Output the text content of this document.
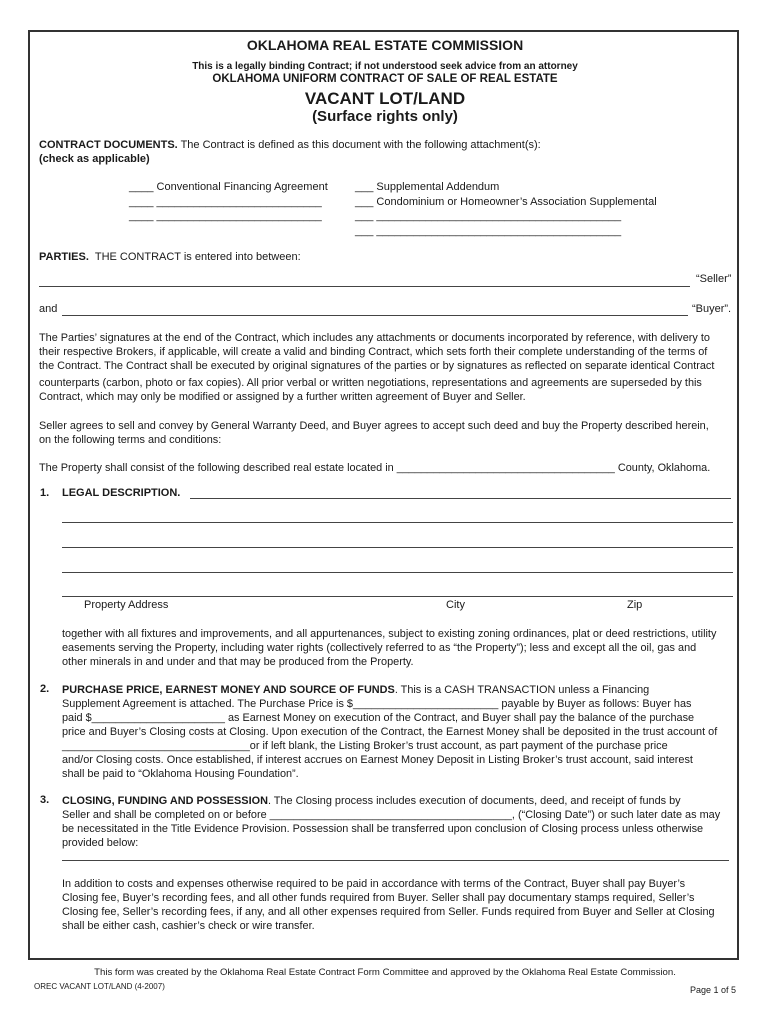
OKLAHOMA REAL ESTATE COMMISSION
This is a legally binding Contract; if not understood seek advice from an attorney
OKLAHOMA UNIFORM CONTRACT OF SALE OF REAL ESTATE
VACANT LOT/LAND
(Surface rights only)
CONTRACT DOCUMENTS. The Contract is defined as this document with the following attachment(s):
(check as applicable)
____ Conventional Financing Agreement
____ ___________________________
____ ___________________________
___ Supplemental Addendum
___ Condominium or Homeowner’s Association Supplemental
___ ________________________________________
___ ________________________________________
PARTIES. THE CONTRACT is entered into between:
“Seller”
and	“Buyer”.
The Parties’ signatures at the end of the Contract, which includes any attachments or documents incorporated by reference, with delivery to
their respective Brokers, if applicable, will create a valid and binding Contract, which sets forth their complete understanding of the terms of
the Contract. The Contract shall be executed by original signatures of the parties or by signatures as reflected on separate identical Contract
counterparts (carbon, photo or fax copies). All prior verbal or written negotiations, representations and agreements are superseded by this
Contract, which may only be modified or assigned by a further written agreement of Buyer and Seller.
Seller agrees to sell and convey by General Warranty Deed, and Buyer agrees to accept such deed and buy the Property described herein,
on the following terms and conditions:
The Property shall consist of the following described real estate located in ____________________________________ County, Oklahoma.
1. LEGAL DESCRIPTION.
Property Address	City	Zip
together with all fixtures and improvements, and all appurtenances, subject to existing zoning ordinances, plat or deed restrictions, utility
easements serving the Property, including water rights (collectively referred to as “the Property”); less and except all the oil, gas and
other minerals in and under and that may be produced from the Property.
2. PURCHASE PRICE, EARNEST MONEY AND SOURCE OF FUNDS. This is a CASH TRANSACTION unless a Financing
Supplement Agreement is attached. The Purchase Price is $________________________ payable by Buyer as follows: Buyer has
paid $______________________ as Earnest Money on execution of the Contract, and Buyer shall pay the balance of the purchase
price and Buyer’s Closing costs at Closing. Upon execution of the Contract, the Earnest Money shall be deposited in the trust account of
_______________________________or if left blank, the Listing Broker’s trust account, as part payment of the purchase price
and/or Closing costs. Once established, if interest accrues on Earnest Money Deposit in Listing Broker’s trust account, said interest
shall be paid to “Oklahoma Housing Foundation”.
3. CLOSING, FUNDING AND POSSESSION. The Closing process includes execution of documents, deed, and receipt of funds by
Seller and shall be completed on or before ________________________________________, (“Closing Date”) or such later date as may
be necessitated in the Title Evidence Provision. Possession shall be transferred upon conclusion of Closing process unless otherwise
provided below:
In addition to costs and expenses otherwise required to be paid in accordance with terms of the Contract, Buyer shall pay Buyer’s
Closing fee, Buyer’s recording fees, and all other funds required from Buyer. Seller shall pay documentary stamps required, Seller’s
Closing fee, Seller’s recording fees, if any, and all other expenses required from Seller. Funds required from Buyer and Seller at Closing
shall be either cash, cashier’s check or wire transfer.
This form was created by the Oklahoma Real Estate Contract Form Committee and approved by the Oklahoma Real Estate Commission.
OREC VACANT LOT/LAND (4-2007)	Page 1 of 5
